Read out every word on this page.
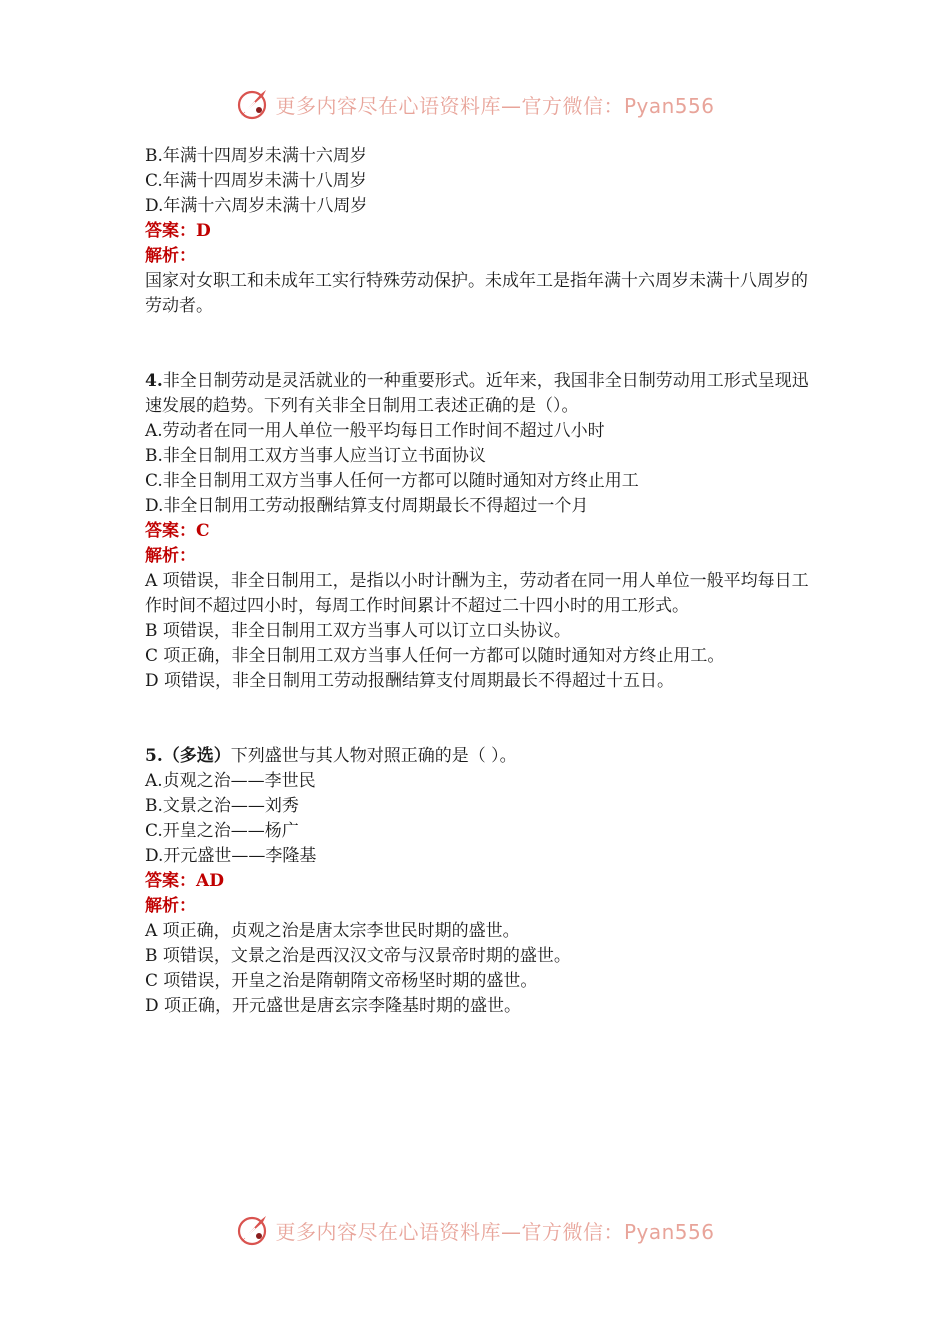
更多内容尽在心语资料库—官方微信：Pyan556

B.年满十四周岁未满十六周岁

C.年满十四周岁未满十八周岁

D.年满十六周岁未满十八周岁

答案：D

解析：

国家对女职工和未成年工实行特殊劳动保护。未成年工是指年满十六周岁未满十八周岁的劳动者。

4.非全日制劳动是灵活就业的一种重要形式。近年来，我国非全日制劳动用工形式呈现迅速发展的趋势。下列有关非全日制用工表述正确的是（）。

A.劳动者在同一用人单位一般平均每日工作时间不超过八小时

B.非全日制用工双方当事人应当订立书面协议

C.非全日制用工双方当事人任何一方都可以随时通知对方终止用工

D.非全日制用工劳动报酬结算支付周期最长不得超过一个月

答案：C

解析：

A 项错误，非全日制用工，是指以小时计酬为主，劳动者在同一用人单位一般平均每日工作时间不超过四小时，每周工作时间累计不超过二十四小时的用工形式。

B 项错误，非全日制用工双方当事人可以订立口头协议。

C 项正确，非全日制用工双方当事人任何一方都可以随时通知对方终止用工。

D 项错误，非全日制用工劳动报酬结算支付周期最长不得超过十五日。

5.（多选）下列盛世与其人物对照正确的是（ ）。

A.贞观之治——李世民

B.文景之治——刘秀

C.开皇之治——杨广

D.开元盛世——李隆基

答案：AD

解析：

A 项正确，贞观之治是唐太宗李世民时期的盛世。

B 项错误，文景之治是西汉汉文帝与汉景帝时期的盛世。

C 项错误，开皇之治是隋朝隋文帝杨坚时期的盛世。

D 项正确，开元盛世是唐玄宗李隆基时期的盛世。

更多内容尽在心语资料库—官方微信：Pyan556
